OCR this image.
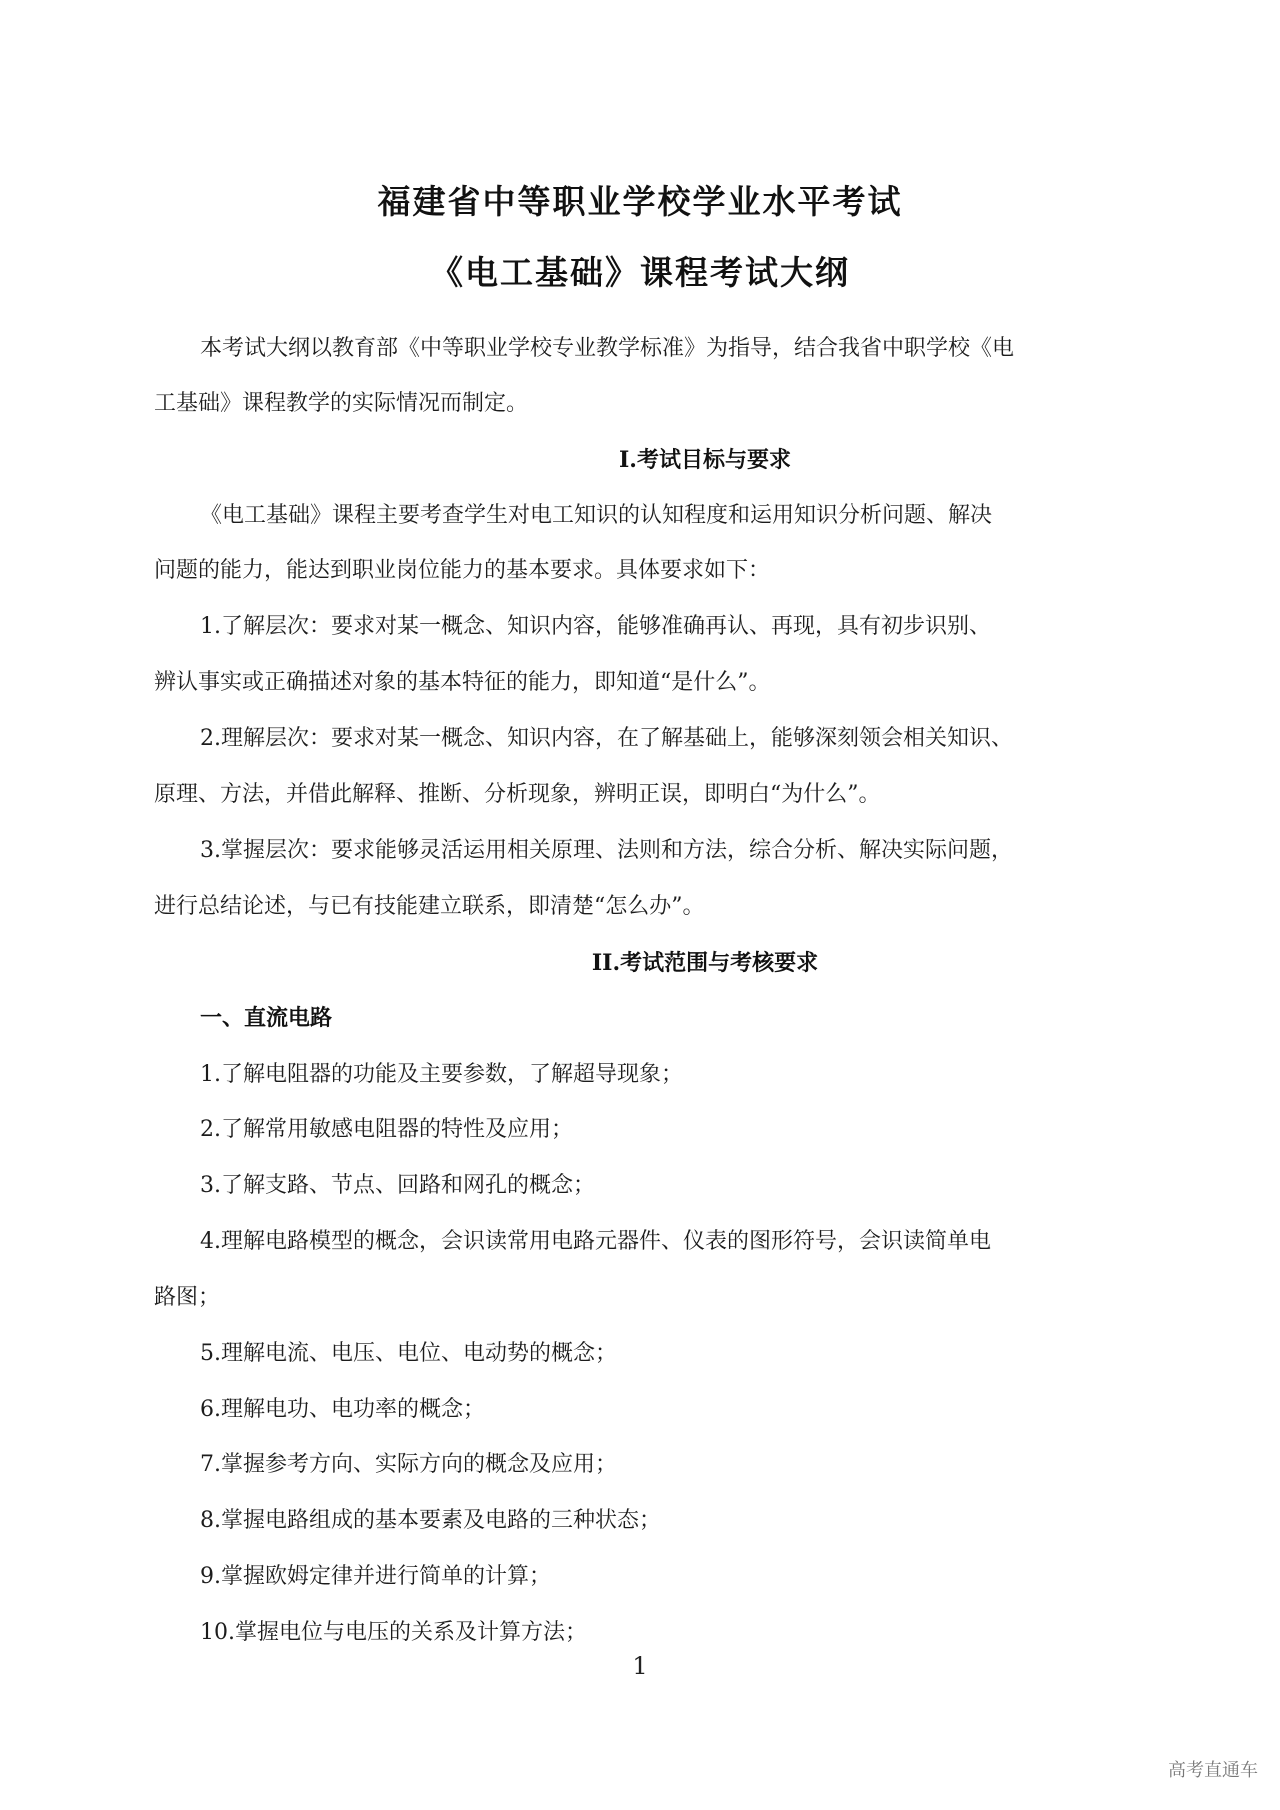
福建省中等职业学校学业水平考试
《电工基础》课程考试大纲
本考试大纲以教育部《中等职业学校专业教学标准》为指导，结合我省中职学校《电
工基础》课程教学的实际情况而制定。
I.考试目标与要求
《电工基础》课程主要考查学生对电工知识的认知程度和运用知识分析问题、解决
问题的能力，能达到职业岗位能力的基本要求。具体要求如下：
1.了解层次：要求对某一概念、知识内容，能够准确再认、再现，具有初步识别、
辨认事实或正确描述对象的基本特征的能力，即知道“是什么”。
2.理解层次：要求对某一概念、知识内容，在了解基础上，能够深刻领会相关知识、
原理、方法，并借此解释、推断、分析现象，辨明正误，即明白“为什么”。
3.掌握层次：要求能够灵活运用相关原理、法则和方法，综合分析、解决实际问题，
进行总结论述，与已有技能建立联系，即清楚“怎么办”。
II.考试范围与考核要求
一、直流电路
1.了解电阻器的功能及主要参数，了解超导现象；
2.了解常用敏感电阻器的特性及应用；
3.了解支路、节点、回路和网孔的概念；
4.理解电路模型的概念，会识读常用电路元器件、仪表的图形符号，会识读简单电
路图；
5.理解电流、电压、电位、电动势的概念；
6.理解电功、电功率的概念；
7.掌握参考方向、实际方向的概念及应用；
8.掌握电路组成的基本要素及电路的三种状态；
9.掌握欧姆定律并进行简单的计算；
10.掌握电位与电压的关系及计算方法；
1
高考直通车
